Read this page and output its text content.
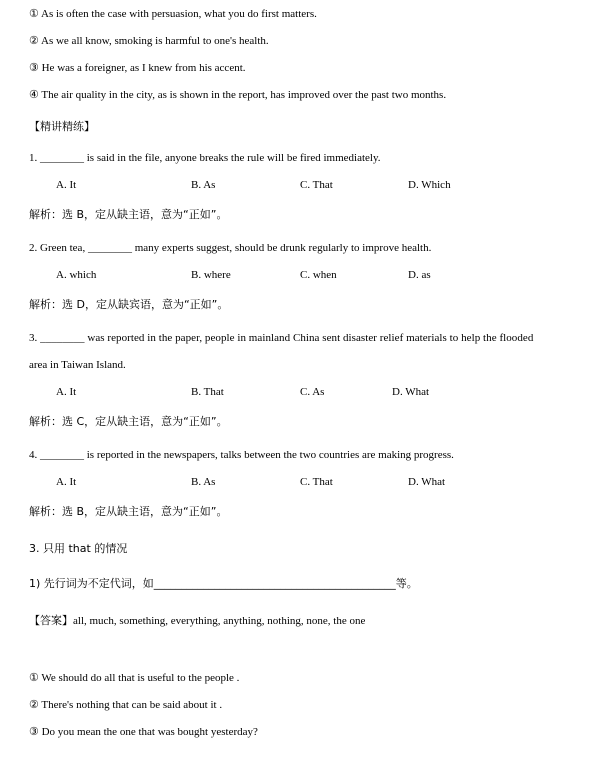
① As is often the case with persuasion, what you do first matters.
② As we all know, smoking is harmful to one's health.
③ He was a foreigner, as I knew from his accent.
④ The air quality in the city, as is shown in the report, has improved over the past two months.
【精讲精练】
1. ________ is said in the file, anyone breaks the rule will be fired immediately.
A. It	B. As	C. That	D. Which
解析：选 B，定从缺主语，意为“正如”。
2. Green tea, ________ many experts suggest, should be drunk regularly to improve health.
A. which	B. where	C. when	D. as
解析：选 D，定从缺宾语，意为“正如”。
3. ________ was reported in the paper, people in mainland China sent disaster relief materials to help the flooded
area in Taiwan Island.
A. It	B. That	C. As	D. What
解析：选 C，定从缺主语，意为“正如”。
4. ________ is reported in the newspapers, talks between the two countries are making progress.
A. It	B. As	C. That	D. What
解析：选 B，定从缺主语，意为“正如”。
3. 只用 that 的情况
1) 先行词为不定代词，如____________________________________________等。
【答案】all, much, something, everything, anything, nothing, none, the one
① We should do all that is useful to the people .
② There's nothing that can be said about it .
③ Do you mean the one that was bought yesterday?
